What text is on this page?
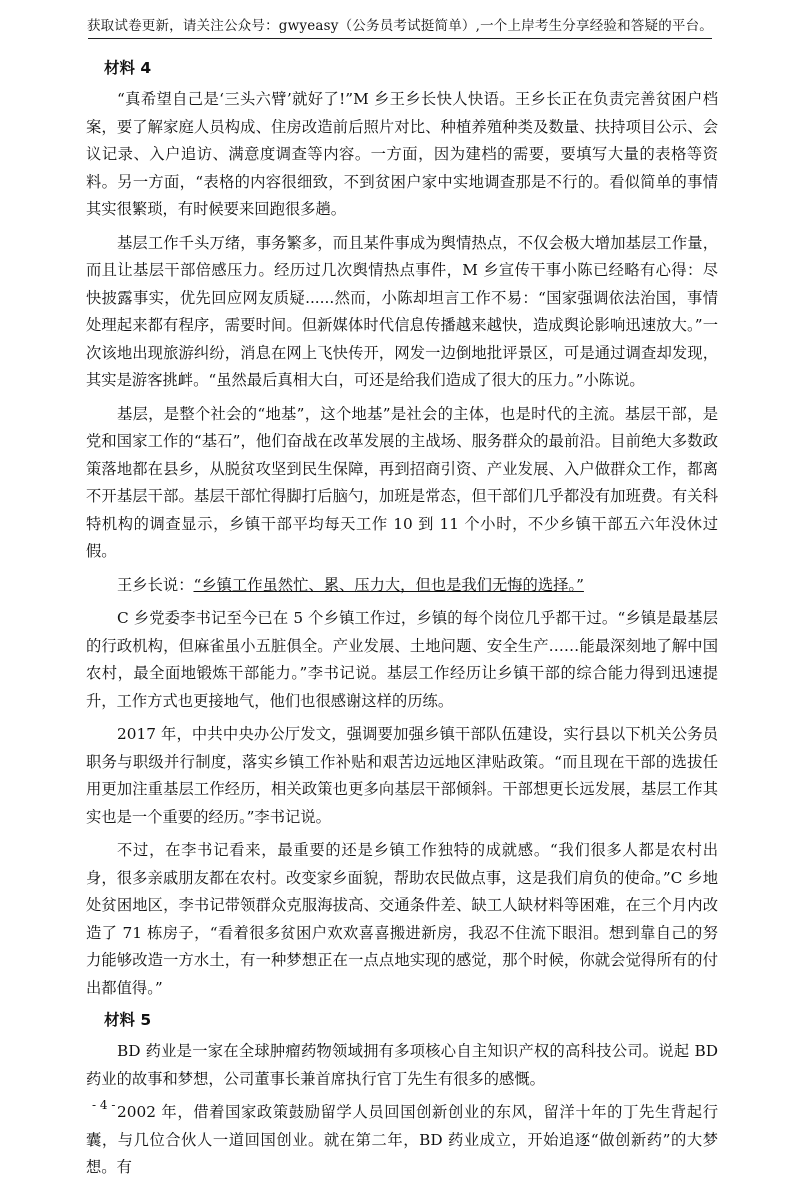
获取试卷更新，请关注公众号：gwyeasy（公务员考试挺简单）,一个上岸考生分享经验和答疑的平台。
材料 4

“真希望自己是‘三头六臂’就好了!”M 乡王乡长快人快语。王乡长正在负责完善贫困户档案，要了解家庭人员构成、住房改造前后照片对比、种植养殖种类及数量、扶持项目公示、会议记录、入户追访、满意度调查等内容。一方面，因为建档的需要，要填写大量的表格等资料。另一方面，“表格的内容很细致，不到贫困户家中实地调查那是不行的。看似简单的事情其实很繁琐，有时候要来回跑很多趟。

基层工作千头万绪，事务繁多，而且某件事成为舆情热点，不仅会极大增加基层工作量，而且让基层干部倍感压力。经历过几次舆情热点事件，M 乡宣传干事小陈已经略有心得：尽快披露事实，优先回应网友质疑......然而，小陈却坦言工作不易：“国家强调依法治国，事情处理起来都有程序，需要时间。但新媒体时代信息传播越来越快，造成舆论影响迅速放大。”一次该地出现旅游纠纷，消息在网上飞快传开，网发一边倒地批评景区，可是通过调查却发现，其实是游客挑衅。“虽然最后真相大白，可还是给我们造成了很大的压力。”小陈说。

基层，是整个社会的“地基”，这个地基”是社会的主体，也是时代的主流。基层干部，是党和国家工作的“基石”，他们奋战在改革发展的主战场、服务群众的最前沿。目前绝大多数政策落地都在县乡，从脱贫攻坚到民生保障，再到招商引资、产业发展、入户做群众工作，都离不开基层干部。基层干部忙得脚打后脑勺，加班是常态，但干部们几乎都没有加班费。有关科特机构的调查显示，乡镇干部平均每天工作 10 到 11 个小时，不少乡镇干部五六年没休过假。

王乡长说：“乡镇工作虽然忙、累、压力大，但也是我们无悔的选择。”

C 乡党委李书记至今已在 5 个乡镇工作过，乡镇的每个岗位几乎都干过。“乡镇是最基层的行政机构，但麻雀虽小五脏俱全。产业发展、土地问题、安全生产……能最深刻地了解中国农村，最全面地锻炼干部能力。”李书记说。基层工作经历让乡镇干部的综合能力得到迅速提升，工作方式也更接地气，他们也很感谢这样的历练。

2017 年，中共中央办公厅发文，强调要加强乡镇干部队伍建设，实行县以下机关公务员职务与职级并行制度，落实乡镇工作补贴和艰苦边远地区津贴政策。“而且现在干部的选拔任用更加注重基层工作经历，相关政策也更多向基层干部倾斜。干部想更长远发展，基层工作其实也是一个重要的经历。”李书记说。

不过，在李书记看来，最重要的还是乡镇工作独特的成就感。“我们很多人都是农村出身，很多亲戚朋友都在农村。改变家乡面貌，帮助农民做点事，这是我们肩负的使命。”C 乡地处贫困地区，李书记带领群众克服海拔高、交通条件差、缺工人缺材料等困难，在三个月内改造了 71 栋房子，“看着很多贫困户欢欢喜喜搬进新房，我忍不住流下眼泪。想到靠自己的努力能够改造一方水土，有一种梦想正在一点点地实现的感觉，那个时候，你就会觉得所有的付出都值得。”

材料 5

BD 药业是一家在全球肿瘤药物领域拥有多项核心自主知识产权的高科技公司。说起 BD 药业的故事和梦想，公司董事长兼首席执行官丁先生有很多的感慨。

2002 年，借着国家政策鼓励留学人员回国创新创业的东风，留洋十年的丁先生背起行囊，与几位合伙人一道回国创业。就在第二年，BD 药业成立，开始追逐“做创新药”的大梦想。有

- 4 -
